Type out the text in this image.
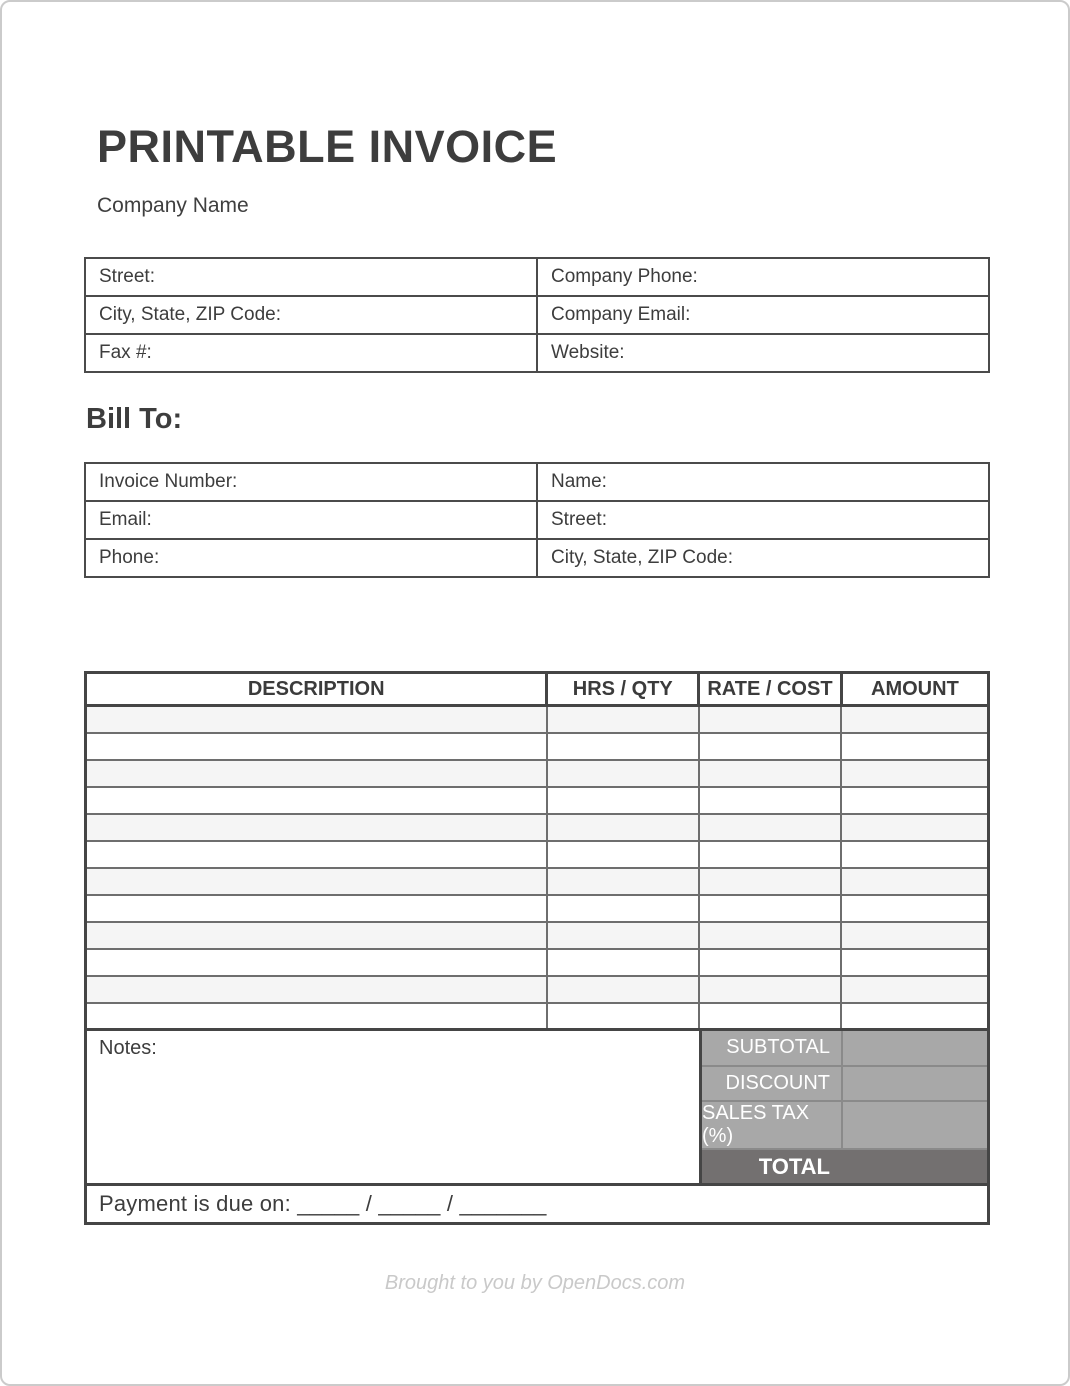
PRINTABLE INVOICE
Company Name
Street:	Company Phone:
City, State, ZIP Code:	Company Email:
Fax #:	Website:
Bill To:
Invoice Number:	Name:
Email:	Street:
Phone:	City, State, ZIP Code:
DESCRIPTION	HRS / QTY	RATE / COST	AMOUNT

Notes:	SUBTOTAL
DISCOUNT
SALES TAX (%)
TOTAL
Payment is due on: _____ / _____ / _______
Brought to you by OpenDocs.com
